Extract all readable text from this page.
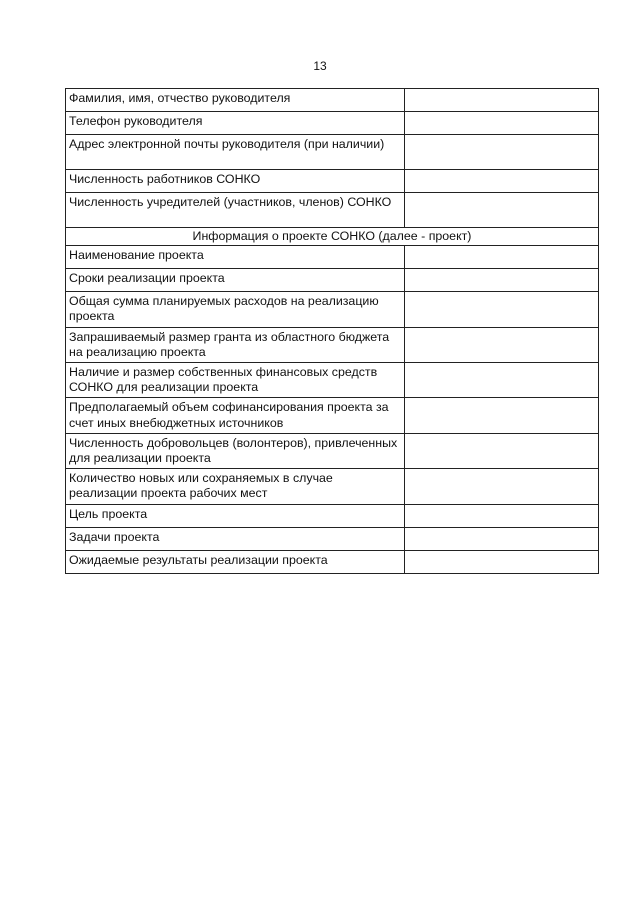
13
Фамилия, имя, отчество руководителя	
Телефон руководителя	
Адрес электронной почты руководителя (при наличии)	
Численность работников СОНКО	
Численность учредителей (участников, членов) СОНКО	
Информация о проекте СОНКО (далее - проект)	
Наименование проекта	
Сроки реализации проекта	
Общая сумма планируемых расходов на реализацию проекта	
Запрашиваемый размер гранта из областного бюджета на реализацию проекта	
Наличие и размер собственных финансовых средств СОНКО для реализации проекта	
Предполагаемый объем софинансирования проекта за счет иных внебюджетных источников	
Численность добровольцев (волонтеров), привлеченных для реализации проекта	
Количество новых или сохраняемых в случае реализации проекта рабочих мест	
Цель проекта	
Задачи проекта	
Ожидаемые результаты реализации проекта	
